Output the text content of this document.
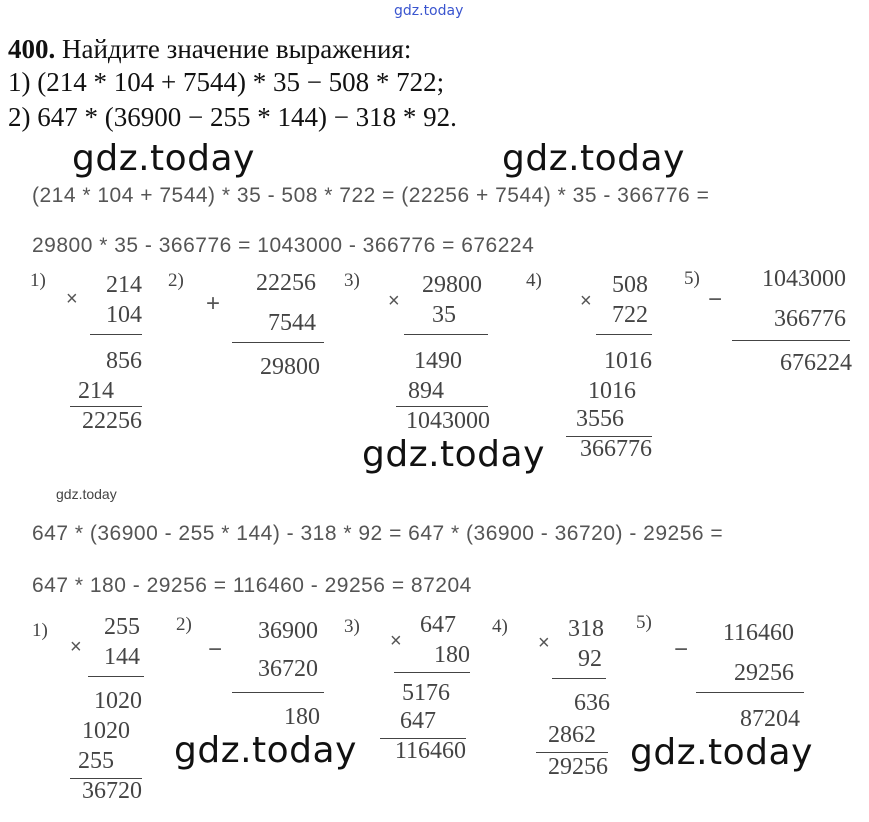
gdz.today
400. Найдите значение выражения:
1) (214 * 104 + 7544) * 35 − 508 * 722;
2) 647 * (36900 − 255 * 144) − 318 * 92.
gdz.today	gdz.today
(214 * 104 + 7544) * 35 - 508 * 722 = (22256 + 7544) * 35 - 366776 =
29800 * 35 - 366776 = 1043000 - 366776 = 676224
1)
×
214
104
856
214
22256
2)
+
22256
7544
29800
3)
×
29800
35
1490
894
1043000
4)
×
508
722
1016
1016
3556
366776
5)
−
1043000
366776
676224
gdz.today
gdz.today
647 * (36900 - 255 * 144) - 318 * 92 = 647 * (36900 - 36720) - 29256 =
647 * 180 - 29256 = 116460 - 29256 = 87204
1)
×
255
144
1020
1020
255
36720
2)
−
36900
36720
180
3)
×
647
180
5176
647
116460
4)
×
318
92
636
2862
29256
5)
−
116460
29256
87204
gdz.today	gdz.today
